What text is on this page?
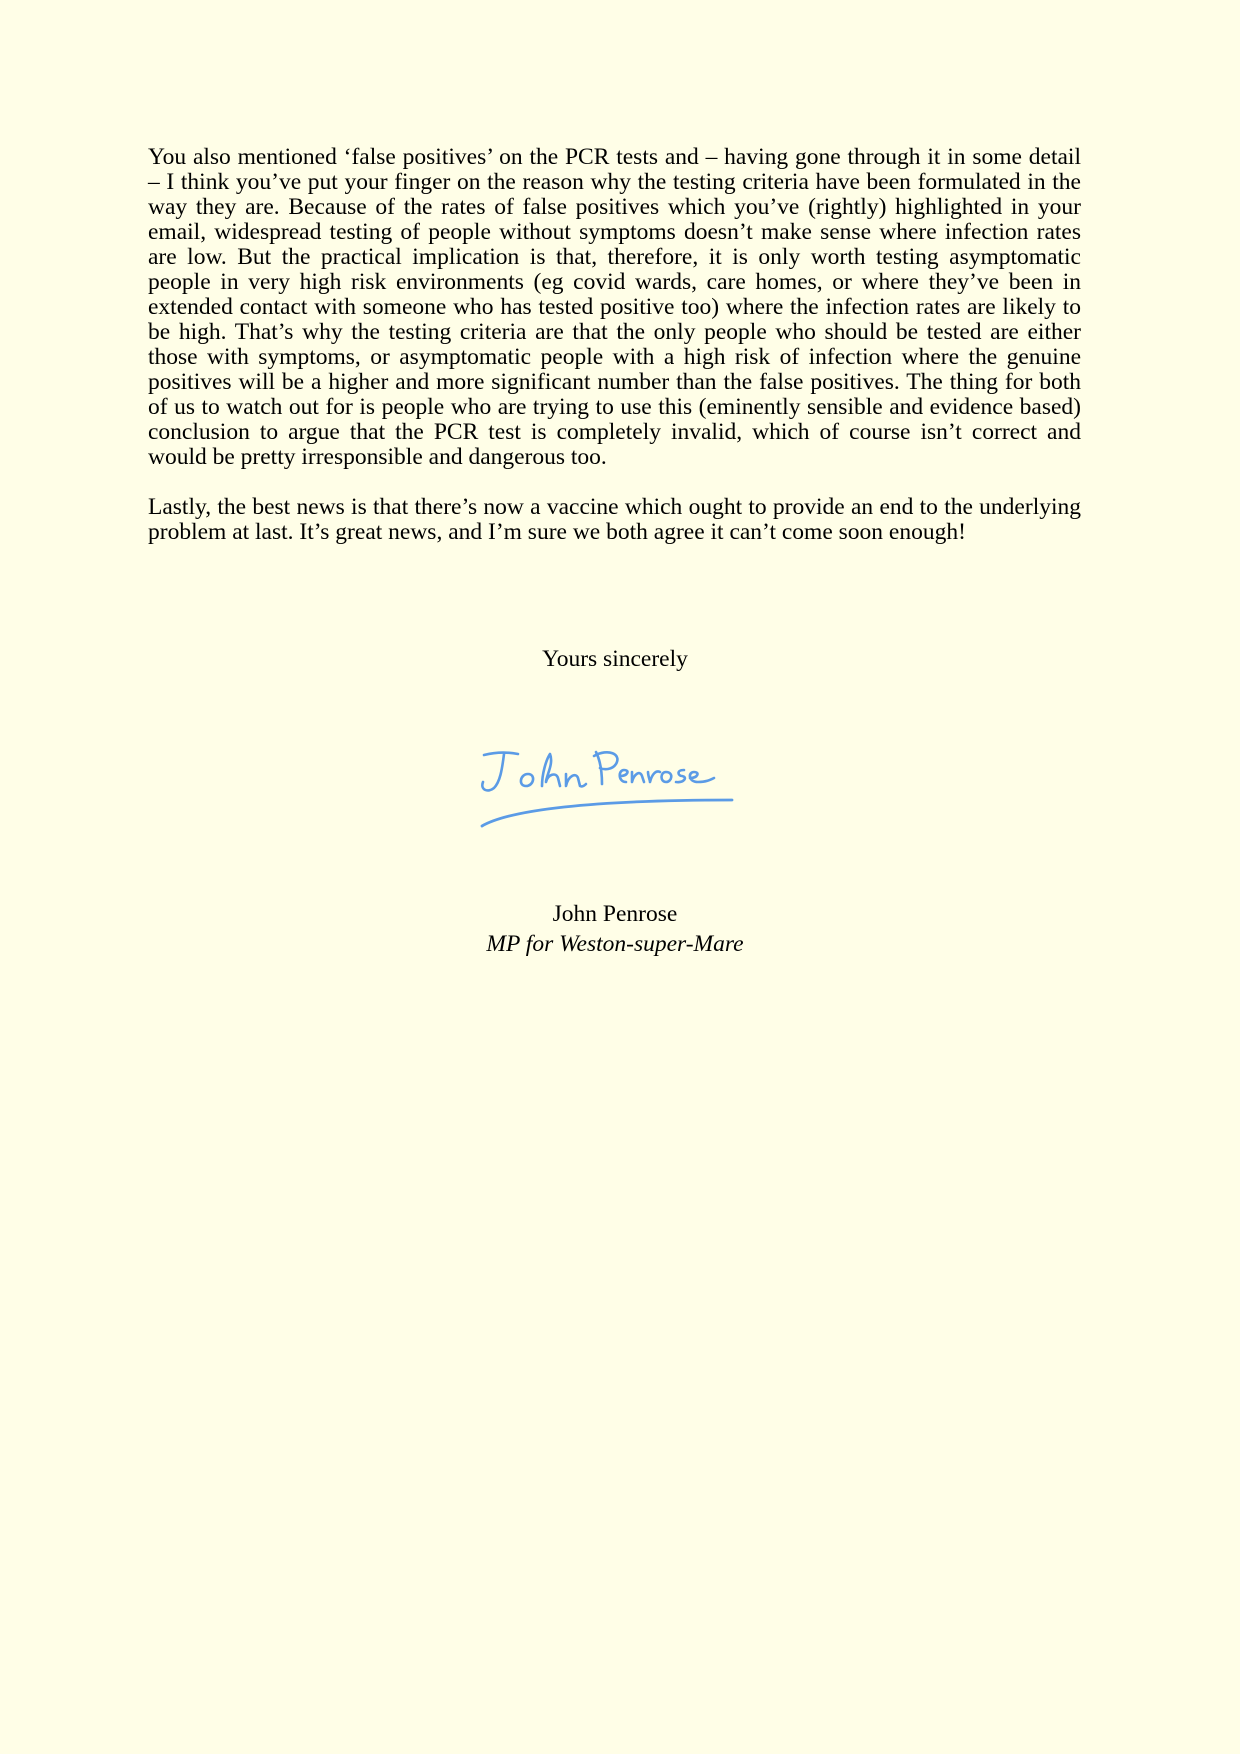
You also mentioned ‘false positives’ on the PCR tests and – having gone through it in some detail – I think you’ve put your finger on the reason why the testing criteria have been formulated in the way they are. Because of the rates of false positives which you’ve (rightly) highlighted in your email, widespread testing of people without symptoms doesn’t make sense where infection rates are low. But the practical implication is that, therefore, it is only worth testing asymptomatic people in very high risk environments (eg covid wards, care homes, or where they’ve been in extended contact with someone who has tested positive too) where the infection rates are likely to be high. That’s why the testing criteria are that the only people who should be tested are either those with symptoms, or asymptomatic people with a high risk of infection where the genuine positives will be a higher and more significant number than the false positives. The thing for both of us to watch out for is people who are trying to use this (eminently sensible and evidence based) conclusion to argue that the PCR test is completely invalid, which of course isn’t correct and would be pretty irresponsible and dangerous too.

Lastly, the best news is that there’s now a vaccine which ought to provide an end to the underlying problem at last. It’s great news, and I’m sure we both agree it can’t come soon enough!

Yours sincerely
John Penrose
MP for Weston-super-Mare
